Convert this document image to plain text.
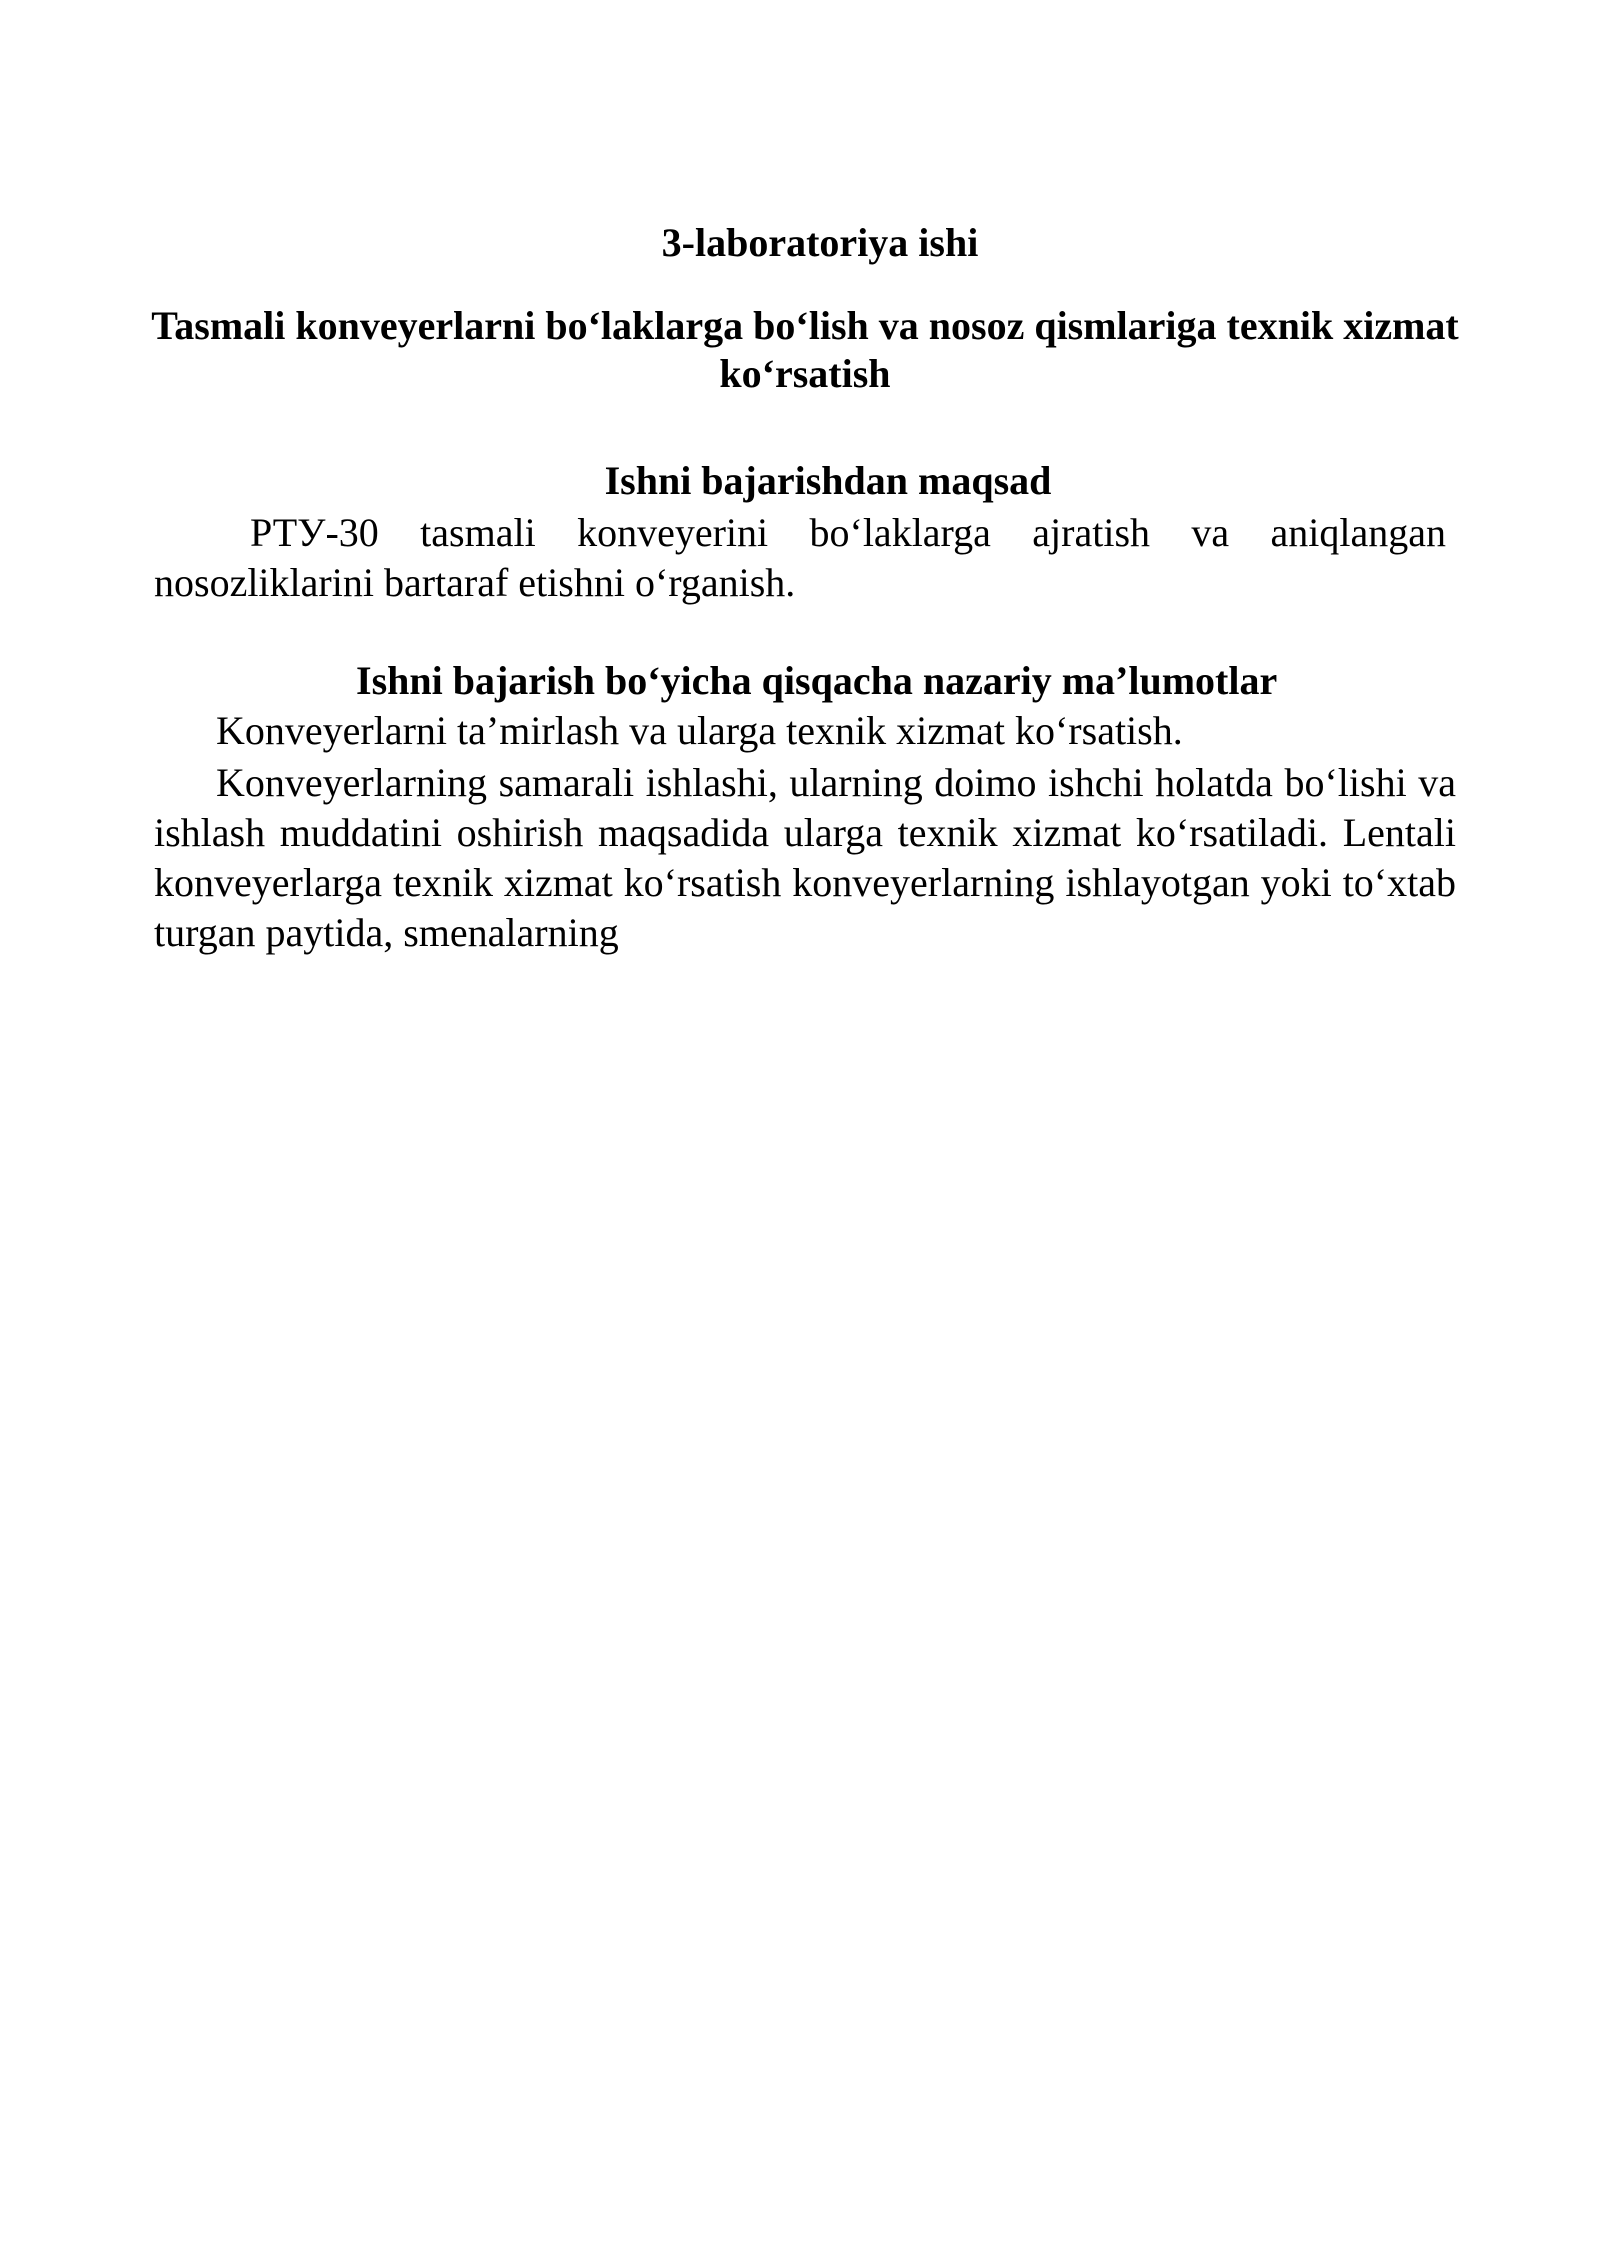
3-laboratoriya ishi
Tasmali konveyerlarni bo‘laklarga bo‘lish va nosoz qismlariga texnik xizmat ko‘rsatish
Ishni bajarishdan maqsad
РТУ-30 tasmali konveyerini bo‘laklarga ajratish va aniqlangan nosozliklarini bartaraf etishni o‘rganish.
Ishni bajarish bo‘yicha qisqacha nazariy ma’lumotlar
Konveyerlarni ta’mirlash va ularga texnik xizmat ko‘rsatish.
Konveyerlarning samarali ishlashi, ularning doimo ishchi holatda bo‘lishi va ishlash muddatini oshirish maqsadida ularga texnik xizmat ko‘rsatiladi. Lentali konveyerlarga texnik xizmat ko‘rsatish konveyerlarning ishlayotgan yoki to‘xtab turgan paytida, smenalarning
